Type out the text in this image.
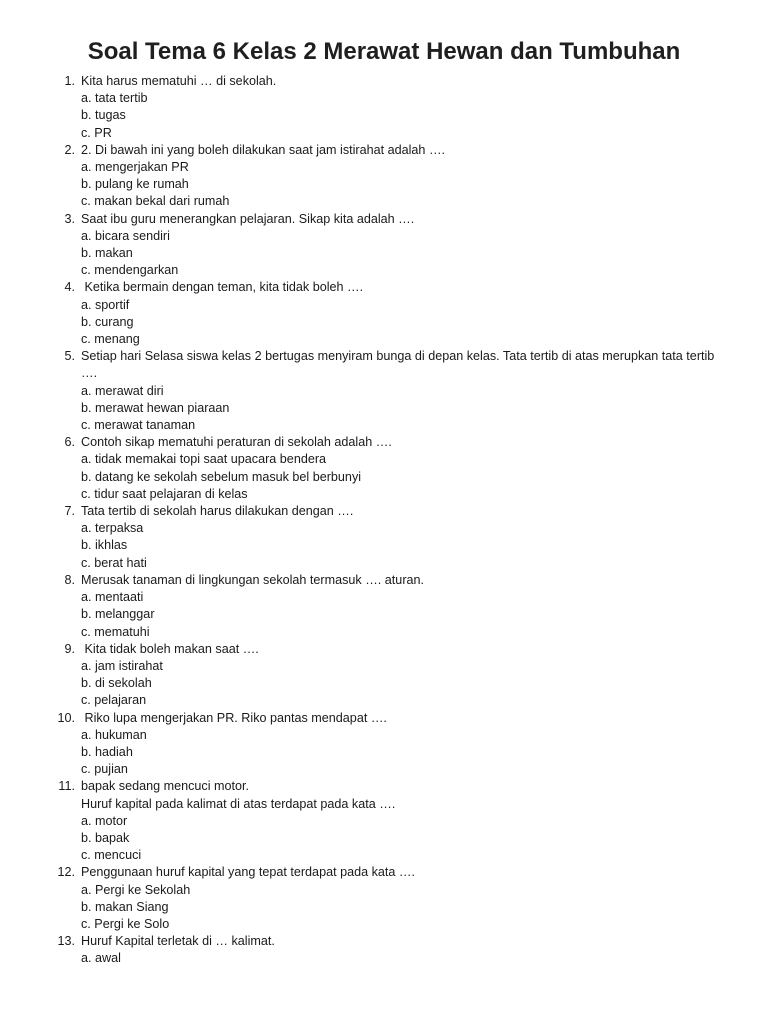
Soal Tema 6 Kelas 2 Merawat Hewan dan Tumbuhan
1. Kita harus mematuhi … di sekolah.
a. tata tertib
b. tugas
c. PR
2. 2. Di bawah ini yang boleh dilakukan saat jam istirahat adalah ….
a. mengerjakan PR
b. pulang ke rumah
c. makan bekal dari rumah
3. Saat ibu guru menerangkan pelajaran. Sikap kita adalah ….
a. bicara sendiri
b. makan
c. mendengarkan
4. Ketika bermain dengan teman, kita tidak boleh ….
a. sportif
b. curang
c. menang
5. Setiap hari Selasa siswa kelas 2 bertugas menyiram bunga di depan kelas. Tata tertib di atas merupkan tata tertib ….
a. merawat diri
b. merawat hewan piaraan
c. merawat tanaman
6. Contoh sikap mematuhi peraturan di sekolah adalah ….
a. tidak memakai topi saat upacara bendera
b. datang ke sekolah sebelum masuk bel berbunyi
c. tidur saat pelajaran di kelas
7. Tata tertib di sekolah harus dilakukan dengan ….
a. terpaksa
b. ikhlas
c. berat hati
8. Merusak tanaman di lingkungan sekolah termasuk …. aturan.
a. mentaati
b. melanggar
c. mematuhi
9. Kita tidak boleh makan saat ….
a. jam istirahat
b. di sekolah
c. pelajaran
10. Riko lupa mengerjakan PR. Riko pantas mendapat ….
a. hukuman
b. hadiah
c. pujian
11. bapak sedang mencuci motor.
Huruf kapital pada kalimat di atas terdapat pada kata ….
a. motor
b. bapak
c. mencuci
12. Penggunaan huruf kapital yang tepat terdapat pada kata ….
a. Pergi ke Sekolah
b. makan Siang
c. Pergi ke Solo
13. Huruf Kapital terletak di … kalimat.
a. awal
